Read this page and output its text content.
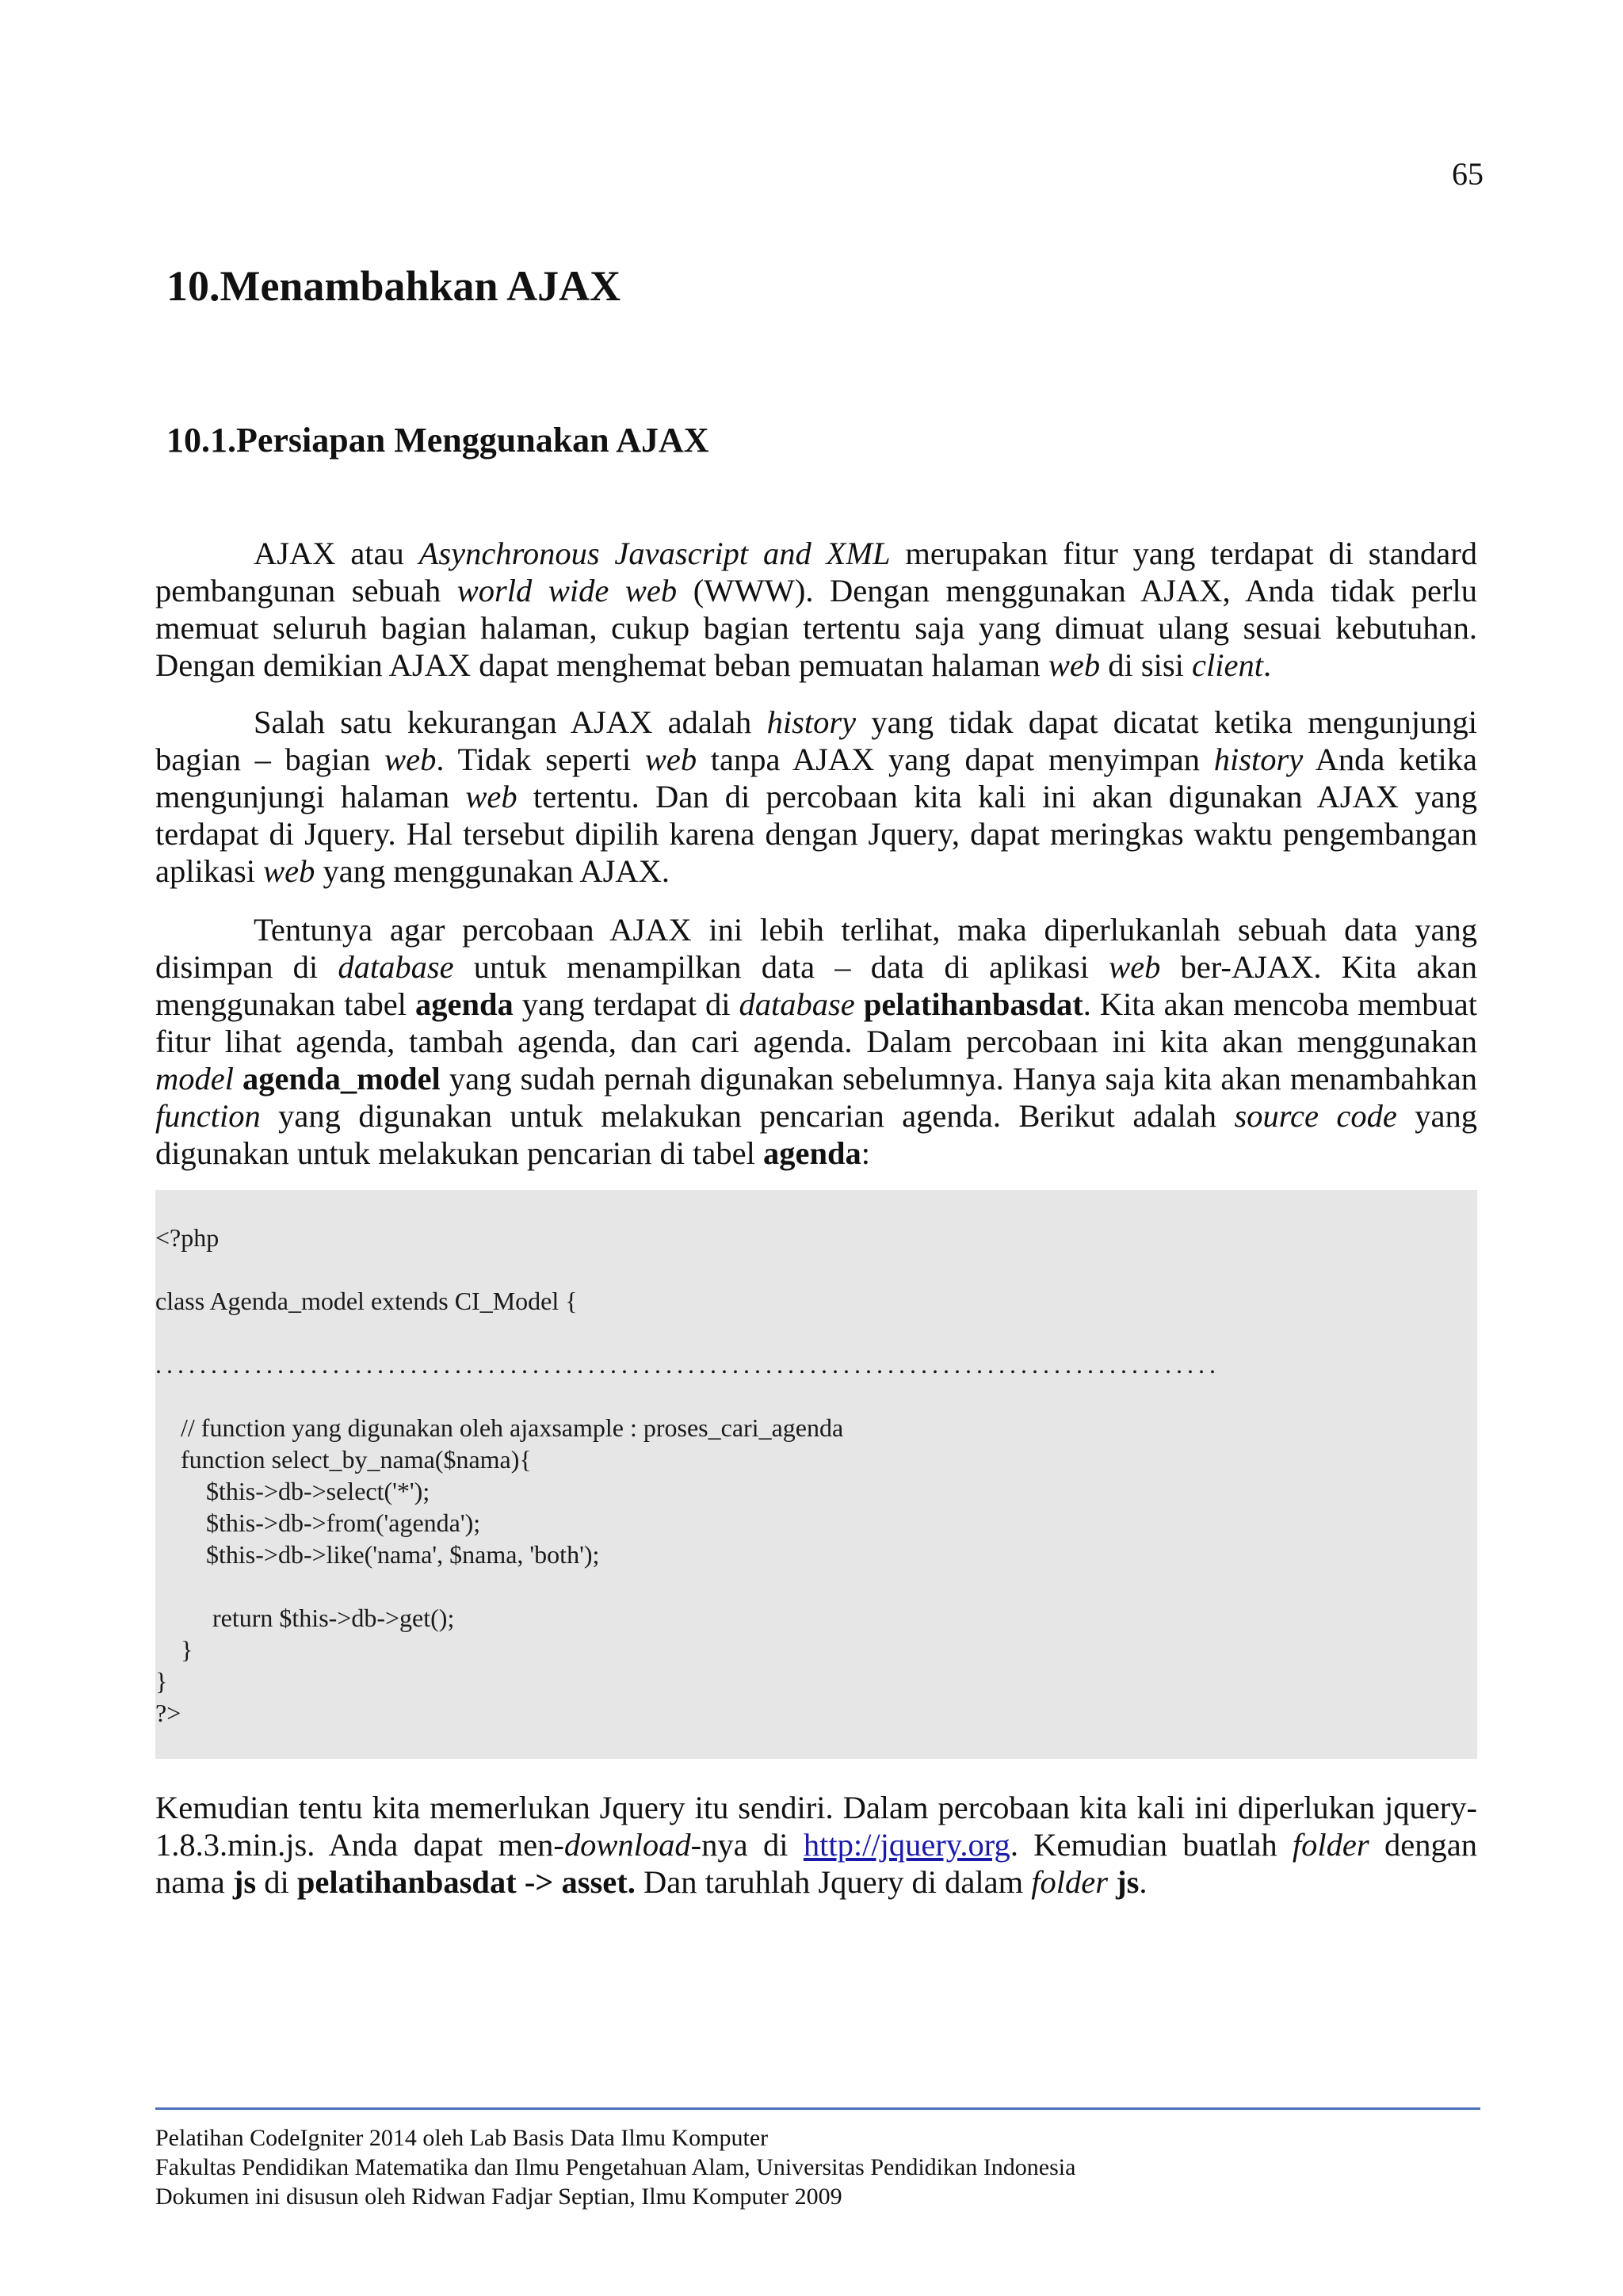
65
10.Menambahkan AJAX
10.1.Persiapan Menggunakan AJAX

AJAX atau Asynchronous Javascript and XML merupakan fitur yang terdapat di standard pembangunan sebuah world wide web (WWW). Dengan menggunakan AJAX, Anda tidak perlu memuat seluruh bagian halaman, cukup bagian tertentu saja yang dimuat ulang sesuai kebutuhan. Dengan demikian AJAX dapat menghemat beban pemuatan halaman web di sisi client.

Salah satu kekurangan AJAX adalah history yang tidak dapat dicatat ketika mengunjungi bagian – bagian web. Tidak seperti web tanpa AJAX yang dapat menyimpan history Anda ketika mengunjungi halaman web tertentu. Dan di percobaan kita kali ini akan digunakan AJAX yang terdapat di Jquery. Hal tersebut dipilih karena dengan Jquery, dapat meringkas waktu pengembangan aplikasi web yang menggunakan AJAX.

Tentunya agar percobaan AJAX ini lebih terlihat, maka diperlukanlah sebuah data yang disimpan di database untuk menampilkan data – data di aplikasi web ber-AJAX. Kita akan menggunakan tabel agenda yang terdapat di database pelatihanbasdat. Kita akan mencoba membuat fitur lihat agenda, tambah agenda, dan cari agenda. Dalam percobaan ini kita akan menggunakan model agenda_model yang sudah pernah digunakan sebelumnya. Hanya saja kita akan menambahkan function yang digunakan untuk melakukan pencarian agenda. Berikut adalah source code yang digunakan untuk melakukan pencarian di tabel agenda:

<?php

class Agenda_model extends CI_Model {

................................................................................................

// function yang digunakan oleh ajaxsample : proses_cari_agenda
function select_by_nama($nama){
$this->db->select('*');
$this->db->from('agenda');
$this->db->like('nama', $nama, 'both');

return $this->db->get();
}
}
?>

Kemudian tentu kita memerlukan Jquery itu sendiri. Dalam percobaan kita kali ini diperlukan jquery-1.8.3.min.js. Anda dapat men-download-nya di http://jquery.org. Kemudian buatlah folder dengan nama js di pelatihanbasdat -> asset. Dan taruhlah Jquery di dalam folder js.

Pelatihan CodeIgniter 2014 oleh Lab Basis Data Ilmu Komputer
Fakultas Pendidikan Matematika dan Ilmu Pengetahuan Alam, Universitas Pendidikan Indonesia
Dokumen ini disusun oleh Ridwan Fadjar Septian, Ilmu Komputer 2009
